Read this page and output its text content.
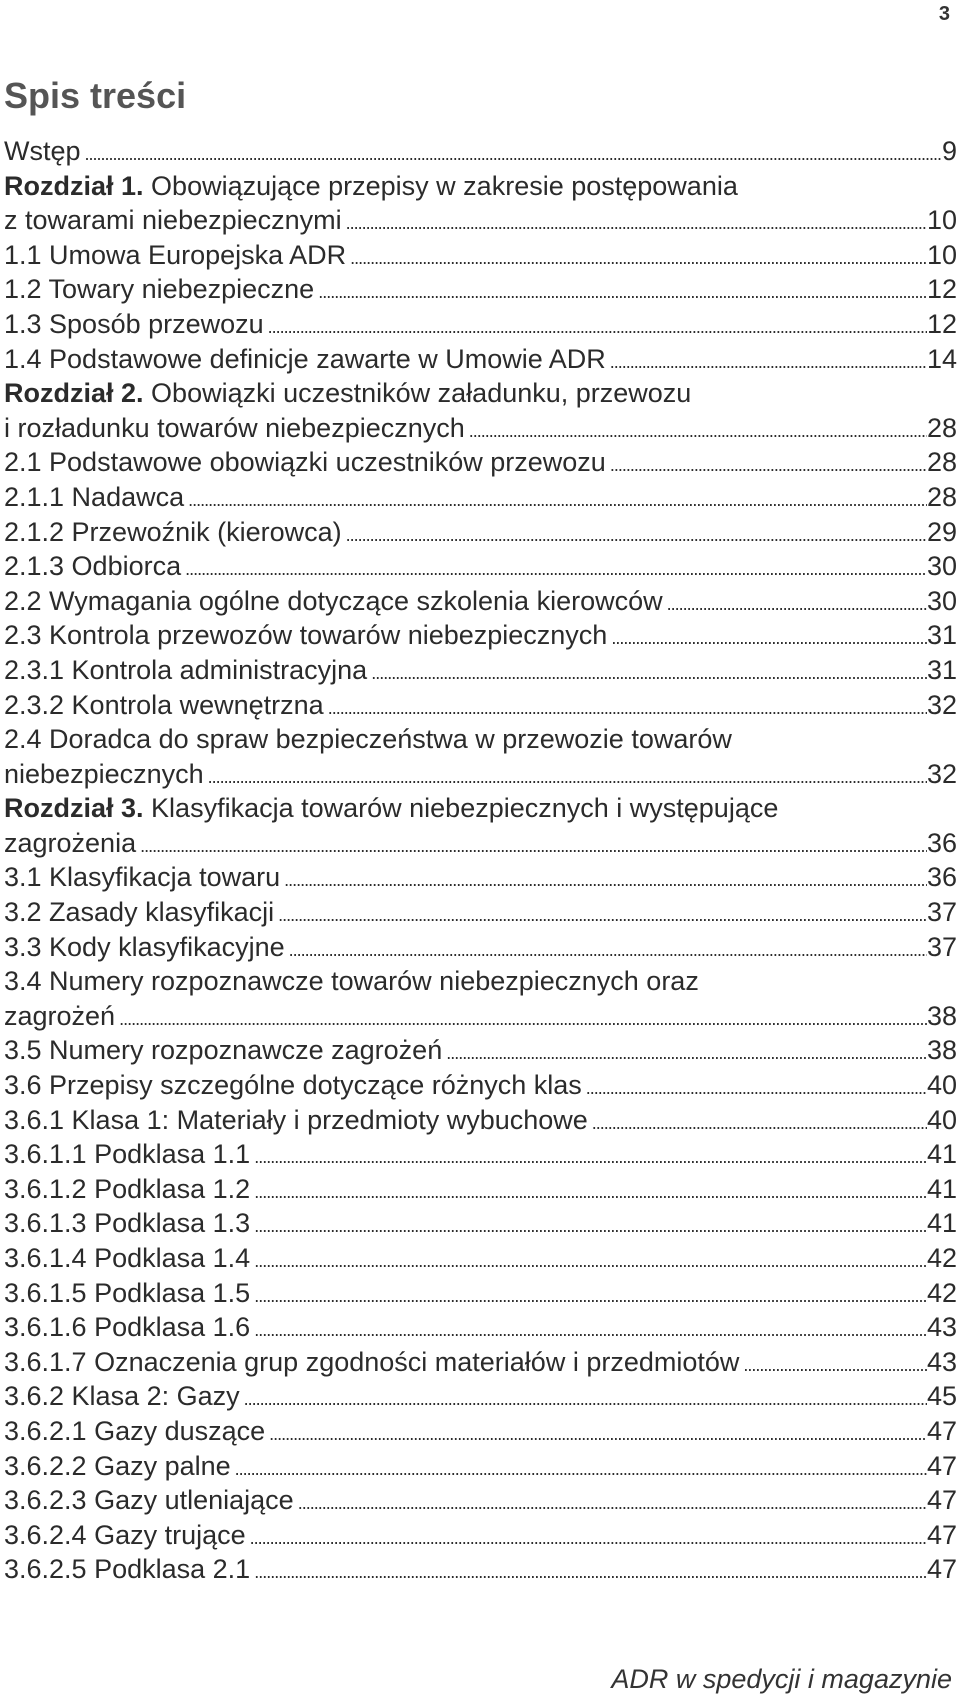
3
Spis treści
Wstęp . . .	9
Rozdział 1. Obowiązujące przepisy w zakresie postępowania
z towarami niebezpiecznymi . . .	10
1.1 Umowa Europejska ADR . . .	10
1.2 Towary niebezpieczne . . .	12
1.3 Sposób przewozu . . .	12
1.4 Podstawowe definicje zawarte w Umowie ADR . . .	14
Rozdział 2. Obowiązki uczestników załadunku, przewozu
i rozładunku towarów niebezpiecznych . . .	28
2.1 Podstawowe obowiązki uczestników przewozu . . .	28
2.1.1 Nadawca . . .	28
2.1.2 Przewoźnik (kierowca) . . .	29
2.1.3 Odbiorca . . .	30
2.2 Wymagania ogólne dotyczące szkolenia kierowców . . .	30
2.3 Kontrola przewozów towarów niebezpiecznych . . .	31
2.3.1 Kontrola administracyjna . . .	31
2.3.2 Kontrola wewnętrzna . . .	32
2.4 Doradca do spraw bezpieczeństwa w przewozie towarów
niebezpiecznych . . .	32
Rozdział 3. Klasyfikacja towarów niebezpiecznych i występujące
zagrożenia . . .	36
3.1 Klasyfikacja towaru . . .	36
3.2 Zasady klasyfikacji . . .	37
3.3 Kody klasyfikacyjne . . .	37
3.4 Numery rozpoznawcze towarów niebezpiecznych oraz
zagrożeń . . .	38
3.5 Numery rozpoznawcze zagrożeń . . .	38
3.6 Przepisy szczególne dotyczące różnych klas . . .	40
3.6.1 Klasa 1: Materiały i przedmioty wybuchowe . . .	40
3.6.1.1 Podklasa 1.1 . . .	41
3.6.1.2 Podklasa 1.2 . . .	41
3.6.1.3 Podklasa 1.3 . . .	41
3.6.1.4 Podklasa 1.4 . . .	42
3.6.1.5 Podklasa 1.5 . . .	42
3.6.1.6 Podklasa 1.6 . . .	43
3.6.1.7 Oznaczenia grup zgodności materiałów i przedmiotów . . .	43
3.6.2 Klasa 2: Gazy . . .	45
3.6.2.1 Gazy duszące . . .	47
3.6.2.2 Gazy palne . . .	47
3.6.2.3 Gazy utleniające . . .	47
3.6.2.4 Gazy trujące . . .	47
3.6.2.5 Podklasa 2.1 . . .	47
ADR w spedycji i magazynie
